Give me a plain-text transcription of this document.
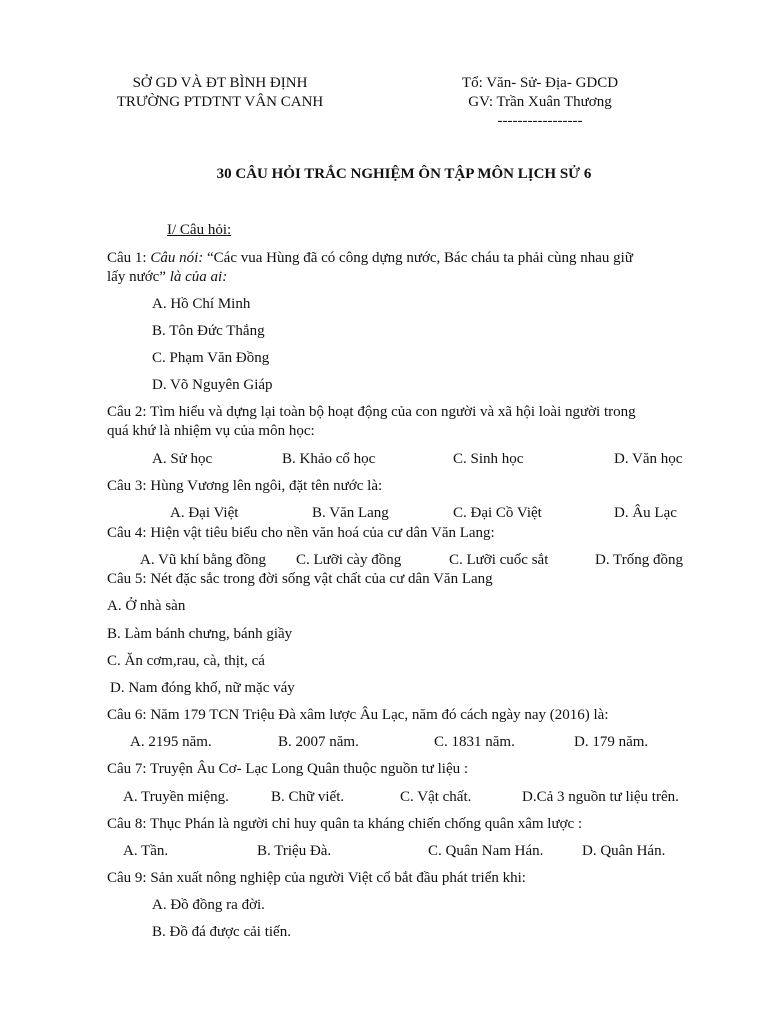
SỞ GD VÀ ĐT BÌNH ĐỊNH
TRƯỜNG PTDTNT VÂN CANH
Tổ: Văn- Sử- Địa- GDCD
GV: Trần Xuân Thương
-----------------
30 CÂU HỎI TRẮC NGHIỆM ÔN TẬP MÔN LỊCH SỬ 6
I/ Câu hỏi:
Câu 1: Câu nói: “Các vua Hùng đã có công dựng nước, Bác cháu ta phải cùng nhau giữ
lấy nước” là của ai:
A. Hồ Chí Minh
B. Tôn Đức Thắng
C. Phạm Văn Đồng
D. Võ Nguyên Giáp
Câu 2: Tìm hiểu và dựng lại toàn bộ hoạt động của con người và xã hội loài người trong
quá khứ là nhiệm vụ của môn học:
A. Sử học	B. Khảo cổ học	C. Sinh học	D. Văn học
Câu 3: Hùng Vương lên ngôi, đặt tên nước là:
A. Đại Việt	B. Văn Lang	C. Đại Cồ Việt	D. Âu Lạc
Câu 4: Hiện vật tiêu biểu cho nền văn hoá của cư dân Văn Lang:
A. Vũ khí bằng đồng C. Lưỡi cày đồng	C. Lưỡi cuốc sắt	D. Trống đồng
Câu 5: Nét đặc sắc trong đời sống vật chất của cư dân Văn Lang
A. Ở nhà sàn
B. Làm bánh chưng, bánh giầy
C. Ăn cơm,rau, cà, thịt, cá
D. Nam đóng khố, nữ mặc váy
Câu 6: Năm 179 TCN Triệu Đà xâm lược Âu Lạc, năm đó cách ngày nay (2016) là:
A. 2195 năm.	B. 2007 năm.	C. 1831 năm.	D. 179 năm.
Câu 7: Truyện Âu Cơ- Lạc Long Quân thuộc nguồn tư liệu :
A. Truyền miệng.	B. Chữ viết.	C. Vật chất.	D.Cả 3 nguồn tư liệu trên.
Câu 8: Thục Phán là người chỉ huy quân ta kháng chiến chống quân xâm lược :
A. Tần.	B. Triệu Đà.	C. Quân Nam Hán.	D. Quân Hán.
Câu 9: Sản xuất nông nghiệp của người Việt cổ bắt đầu phát triển khi:
A. Đồ đồng ra đời.
B. Đồ đá được cải tiến.
